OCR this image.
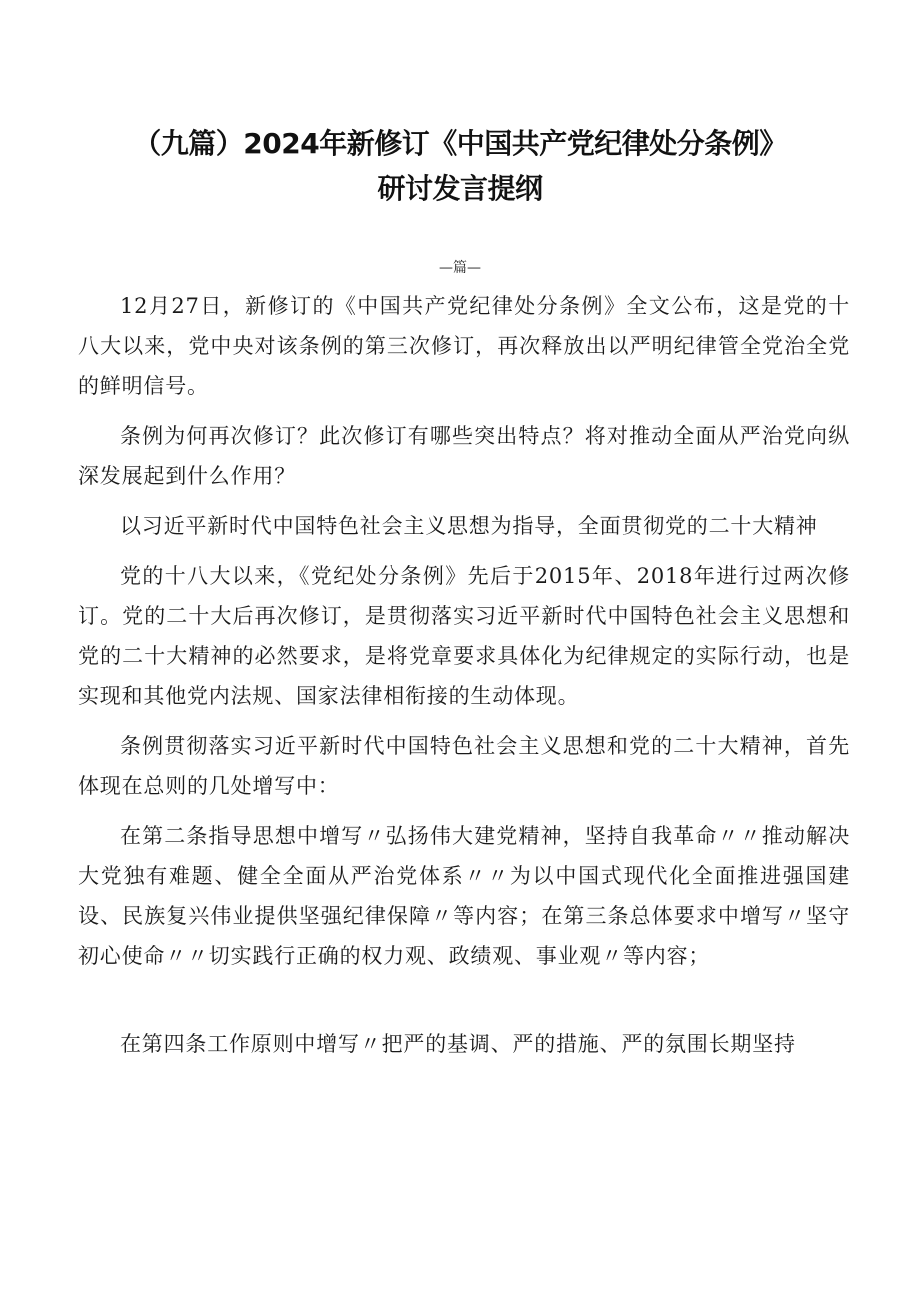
（九篇）2024年新修订《中国共产党纪律处分条例》
研讨发言提纲
—篇—

12月27日，新修订的《中国共产党纪律处分条例》全文公布，这是党的十八大以来，党中央对该条例的第三次修订，再次释放出以严明纪律管全党治全党的鲜明信号。

条例为何再次修订？此次修订有哪些突出特点？将对推动全面从严治党向纵深发展起到什么作用？

以习近平新时代中国特色社会主义思想为指导，全面贯彻党的二十大精神

党的十八大以来，《党纪处分条例》先后于2015年、2018年进行过两次修订。党的二十大后再次修订，是贯彻落实习近平新时代中国特色社会主义思想和党的二十大精神的必然要求，是将党章要求具体化为纪律规定的实际行动，也是实现和其他党内法规、国家法律相衔接的生动体现。

条例贯彻落实习近平新时代中国特色社会主义思想和党的二十大精神，首先体现在总则的几处增写中：

在第二条指导思想中增写〃弘扬伟大建党精神，坚持自我革命〃〃推动解决大党独有难题、健全全面从严治党体系〃〃为以中国式现代化全面推进强国建设、民族复兴伟业提供坚强纪律保障〃等内容；在第三条总体要求中增写〃坚守初心使命〃〃切实践行正确的权力观、政绩观、事业观〃等内容；

在第四条工作原则中增写〃把严的基调、严的措施、严的氛围长期坚持
